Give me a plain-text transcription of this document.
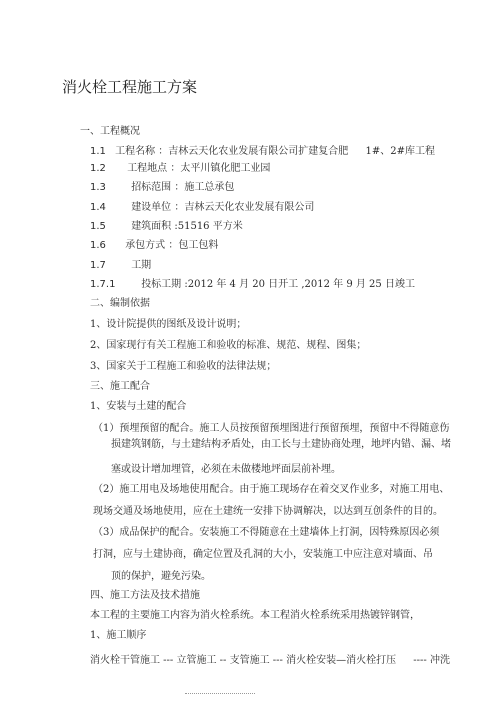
消火栓工程施工方案
一、工程概况
1.1 工程名称 ：吉林云天化农业发展有限公司扩建复合肥 1#、2#库工程
1.2 工程地点 ：太平川镇化肥工业园
1.3	招标范围 ：施工总承包
1.4	建设单位 ：吉林云天化农业发展有限公司
1.5	建筑面积 :51516 平方米
1.6 承包方式 ：包工包料
1.7	工期
1.7.1	投标工期 :2012 年 4 月 20 日开工 ,2012 年 9 月 25 日竣工
二、编制依据
1、设计院提供的图纸及设计说明；
2、国家现行有关工程施工和验收的标准、规范、规程、图集；
3、国家关于工程施工和验收的法律法规；
三、施工配合
1、安装与土建的配合
（1）预埋预留的配合。施工人员按预留预埋图进行预留预埋，预留中不得随意伤
损建筑钢筋，与土建结构矛盾处，由工长与土建协商处理，地坪内错、漏、堵
塞或设计增加埋管，必须在未做楼地坪面层前补埋。
（2）施工用电及场地使用配合。由于施工现场存在着交叉作业多，对施工用电、
现场交通及场地使用，应在土建统一安排下协调解决，以达到互创条件的目的。
（3）成品保护的配合。安装施工不得随意在土建墙体上打洞，因特殊原因必须
打洞，应与土建协商，确定位置及孔洞的大小，安装施工中应注意对墙面、吊
顶的保护，避免污染。
四、施工方法及技术措施
本工程的主要施工内容为消火栓系统。本工程消火栓系统采用热镀锌钢管，
1、施工顺序
消火栓干管施工 --- 立管施工 -- 支管施工 --- 消火栓安装—消火栓打压 ---- 冲洗
